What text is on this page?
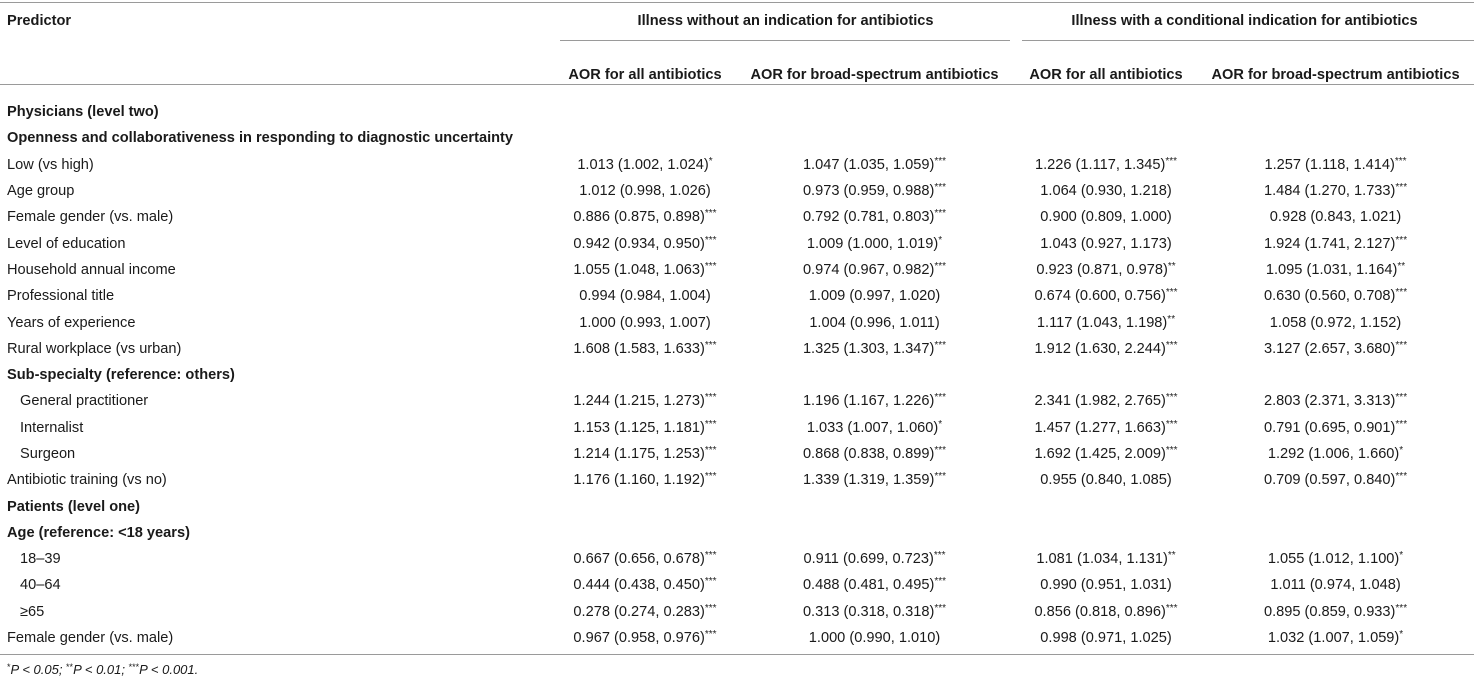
Predictor	Illness without an indication for antibiotics		Illness with a conditional indication for antibiotics	
	AOR for all antibiotics	AOR for broad-spectrum antibiotics	AOR for all antibiotics	AOR for broad-spectrum antibiotics

Physicians (level two)				
Openness and collaborativeness in responding to diagnostic uncertainty				
Low (vs high)	1.013 (1.002, 1.024)*	1.047 (1.035, 1.059)***	1.226 (1.117, 1.345)***	1.257 (1.118, 1.414)***
Age group	1.012 (0.998, 1.026)	0.973 (0.959, 0.988)***	1.064 (0.930, 1.218)	1.484 (1.270, 1.733)***
Female gender (vs. male)	0.886 (0.875, 0.898)***	0.792 (0.781, 0.803)***	0.900 (0.809, 1.000)	0.928 (0.843, 1.021)
Level of education	0.942 (0.934, 0.950)***	1.009 (1.000, 1.019)*	1.043 (0.927, 1.173)	1.924 (1.741, 2.127)***
Household annual income	1.055 (1.048, 1.063)***	0.974 (0.967, 0.982)***	0.923 (0.871, 0.978)**	1.095 (1.031, 1.164)**
Professional title	0.994 (0.984, 1.004)	1.009 (0.997, 1.020)	0.674 (0.600, 0.756)***	0.630 (0.560, 0.708)***
Years of experience	1.000 (0.993, 1.007)	1.004 (0.996, 1.011)	1.117 (1.043, 1.198)**	1.058 (0.972, 1.152)
Rural workplace (vs urban)	1.608 (1.583, 1.633)***	1.325 (1.303, 1.347)***	1.912 (1.630, 2.244)***	3.127 (2.657, 3.680)***
Sub-specialty (reference: others)				
General practitioner	1.244 (1.215, 1.273)***	1.196 (1.167, 1.226)***	2.341 (1.982, 2.765)***	2.803 (2.371, 3.313)***
Internalist	1.153 (1.125, 1.181)***	1.033 (1.007, 1.060)*	1.457 (1.277, 1.663)***	0.791 (0.695, 0.901)***
Surgeon	1.214 (1.175, 1.253)***	0.868 (0.838, 0.899)***	1.692 (1.425, 2.009)***	1.292 (1.006, 1.660)*
Antibiotic training (vs no)	1.176 (1.160, 1.192)***	1.339 (1.319, 1.359)***	0.955 (0.840, 1.085)	0.709 (0.597, 0.840)***
Patients (level one)				
Age (reference: <18 years)				
18–39	0.667 (0.656, 0.678)***	0.911 (0.699, 0.723)***	1.081 (1.034, 1.131)**	1.055 (1.012, 1.100)*
40–64	0.444 (0.438, 0.450)***	0.488 (0.481, 0.495)***	0.990 (0.951, 1.031)	1.011 (0.974, 1.048)
≥65	0.278 (0.274, 0.283)***	0.313 (0.318, 0.318)***	0.856 (0.818, 0.896)***	0.895 (0.859, 0.933)***
Female gender (vs. male)	0.967 (0.958, 0.976)***	1.000 (0.990, 1.010)	0.998 (0.971, 1.025)	1.032 (1.007, 1.059)*
*P < 0.05; **P < 0.01; ***P < 0.001.
